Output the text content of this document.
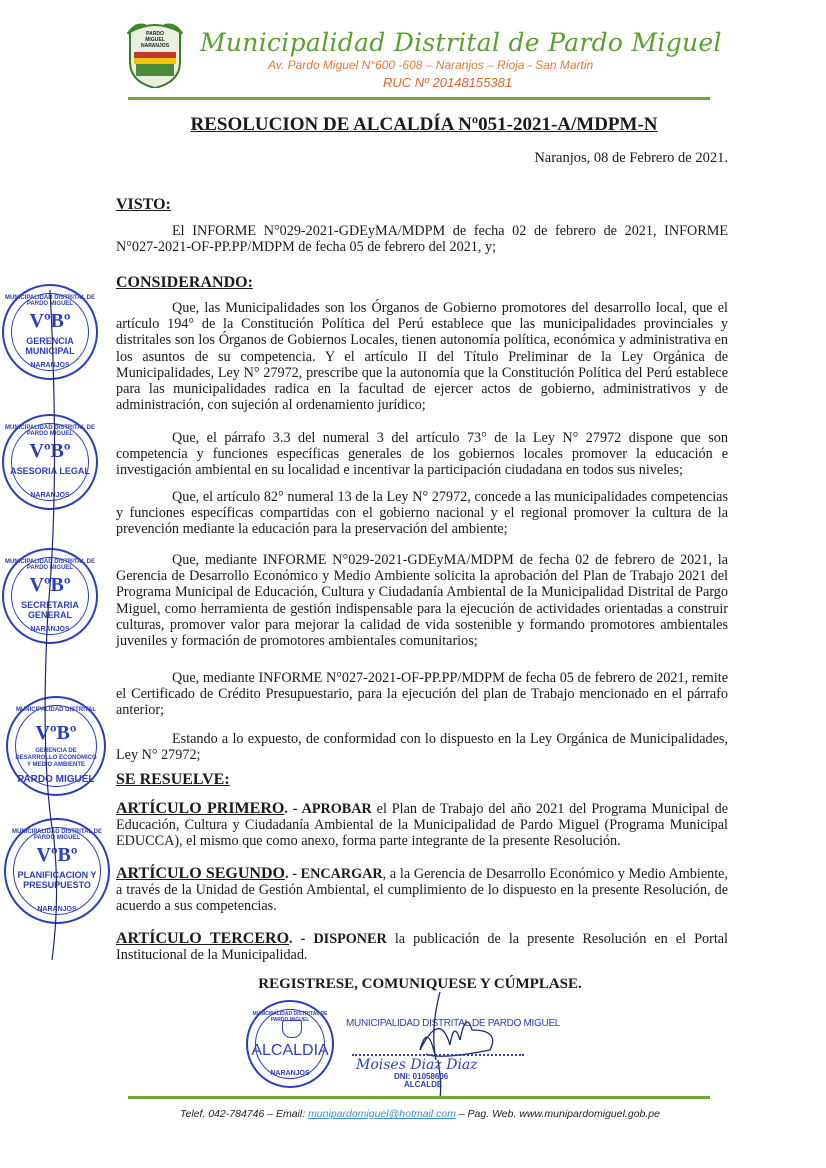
PARDO MIGUEL NARANJOS Municipalidad Distrital de Pardo Miguel
Av. Pardo Miguel N°600 -608 – Naranjos – Rioja - San Martin
RUC Nº 20148155381
RESOLUCION DE ALCALDÍA Nº051-2021-A/MDPM-N
Naranjos, 08 de Febrero de 2021.
VISTO:
El INFORME N°029-2021-GDEyMA/MDPM de fecha 02 de febrero de 2021, INFORME N°027-2021-OF-PP.PP/MDPM de fecha 05 de febrero del 2021, y;
CONSIDERANDO:
Que, las Municipalidades son los Órganos de Gobierno promotores del desarrollo local, que el artículo 194° de la Constitución Política del Perú establece que las municipalidades provinciales y distritales son los Órganos de Gobiernos Locales, tienen autonomía política, económica y administrativa en los asuntos de su competencia. Y el artículo II del Título Preliminar de la Ley Orgánica de Municipalidades, Ley N° 27972, prescribe que la autonomía que la Constitución Política del Perú establece para las municipalidades radica en la facultad de ejercer actos de gobierno, administrativos y de administración, con sujeción al ordenamiento jurídico;
Que, el párrafo 3.3 del numeral 3 del artículo 73° de la Ley N° 27972 dispone que son competencia y funciones específicas generales de los gobiernos locales promover la educación e investigación ambiental en su localidad e incentivar la participación ciudadana en todos sus niveles;
Que, el artículo 82° numeral 13 de la Ley N° 27972, concede a las municipalidades competencias y funciones específicas compartidas con el gobierno nacional y el regional promover la cultura de la prevención mediante la educación para la preservación del ambiente;
Que, mediante INFORME N°029-2021-GDEyMA/MDPM de fecha 02 de febrero de 2021, la Gerencia de Desarrollo Económico y Medio Ambiente solicita la aprobación del Plan de Trabajo 2021 del Programa Municipal de Educación, Cultura y Ciudadanía Ambiental de la Municipalidad Distrital de Pargo Miguel, como herramienta de gestión indispensable para la ejecución de actividades orientadas a construir culturas, promover valor para mejorar la calidad de vida sostenible y formando promotores ambientales juveniles y formación de promotores ambientales comunitarios;
Que, mediante INFORME N°027-2021-OF-PP.PP/MDPM de fecha 05 de febrero de 2021, remite el Certificado de Crédito Presupuestario, para la ejecución del plan de Trabajo mencionado en el párrafo anterior;
Estando a lo expuesto, de conformidad con lo dispuesto en la Ley Orgánica de Municipalidades, Ley N° 27972;
SE RESUELVE:
ARTÍCULO PRIMERO. - APROBAR el Plan de Trabajo del año 2021 del Programa Municipal de Educación, Cultura y Ciudadanía Ambiental de la Municipalidad de Pardo Miguel (Programa Municipal EDUCCA), el mismo que como anexo, forma parte integrante de la presente Resolución.
ARTÍCULO SEGUNDO. - ENCARGAR, a la Gerencia de Desarrollo Económico y Medio Ambiente, a través de la Unidad de Gestión Ambiental, el cumplimiento de lo dispuesto en la presente Resolución, de acuerdo a sus competencias.
ARTÍCULO TERCERO. - DISPONER la publicación de la presente Resolución en el Portal Institucional de la Municipalidad.
REGISTRESE, COMUNIQUESE Y CÚMPLASE.
MUNICIPALIDAD DISTRITAL DE PARDO MIGUEL
VºBº
GERENCIA MUNICIPAL
NARANJOS
MUNICIPALIDAD DISTRITAL DE PARDO MIGUEL
VºBº
ASESORIA LEGAL
NARANJOS
MUNICIPALIDAD DISTRITAL DE PARDO MIGUEL
VºBº
SECRETARIA GENERAL
NARANJOS
MUNICIPALIDAD DISTRITAL
VºBº
GERENCIA DE DESARROLLO ECONOMICO Y MEDIO AMBIENTE
PARDO MIGUEL
MUNICIPALIDAD DISTRITAL DE PARDO MIGUEL
VºBº
PLANIFICACION Y PRESUPUESTO
NARANJOS
MUNICIPALIDAD DISTRITAL DE PARDO MIGUEL
ALCALDIA
NARANJOS
MUNICIPALIDAD DISTRITAL DE PARDO MIGUEL
Moises Diaz Diaz
DNI: 01058606
ALCALDE
Telef. 042-784746 – Email: munipardomiguel@hotmail.com – Pag. Web. www.munipardomiguel.gob.pe
